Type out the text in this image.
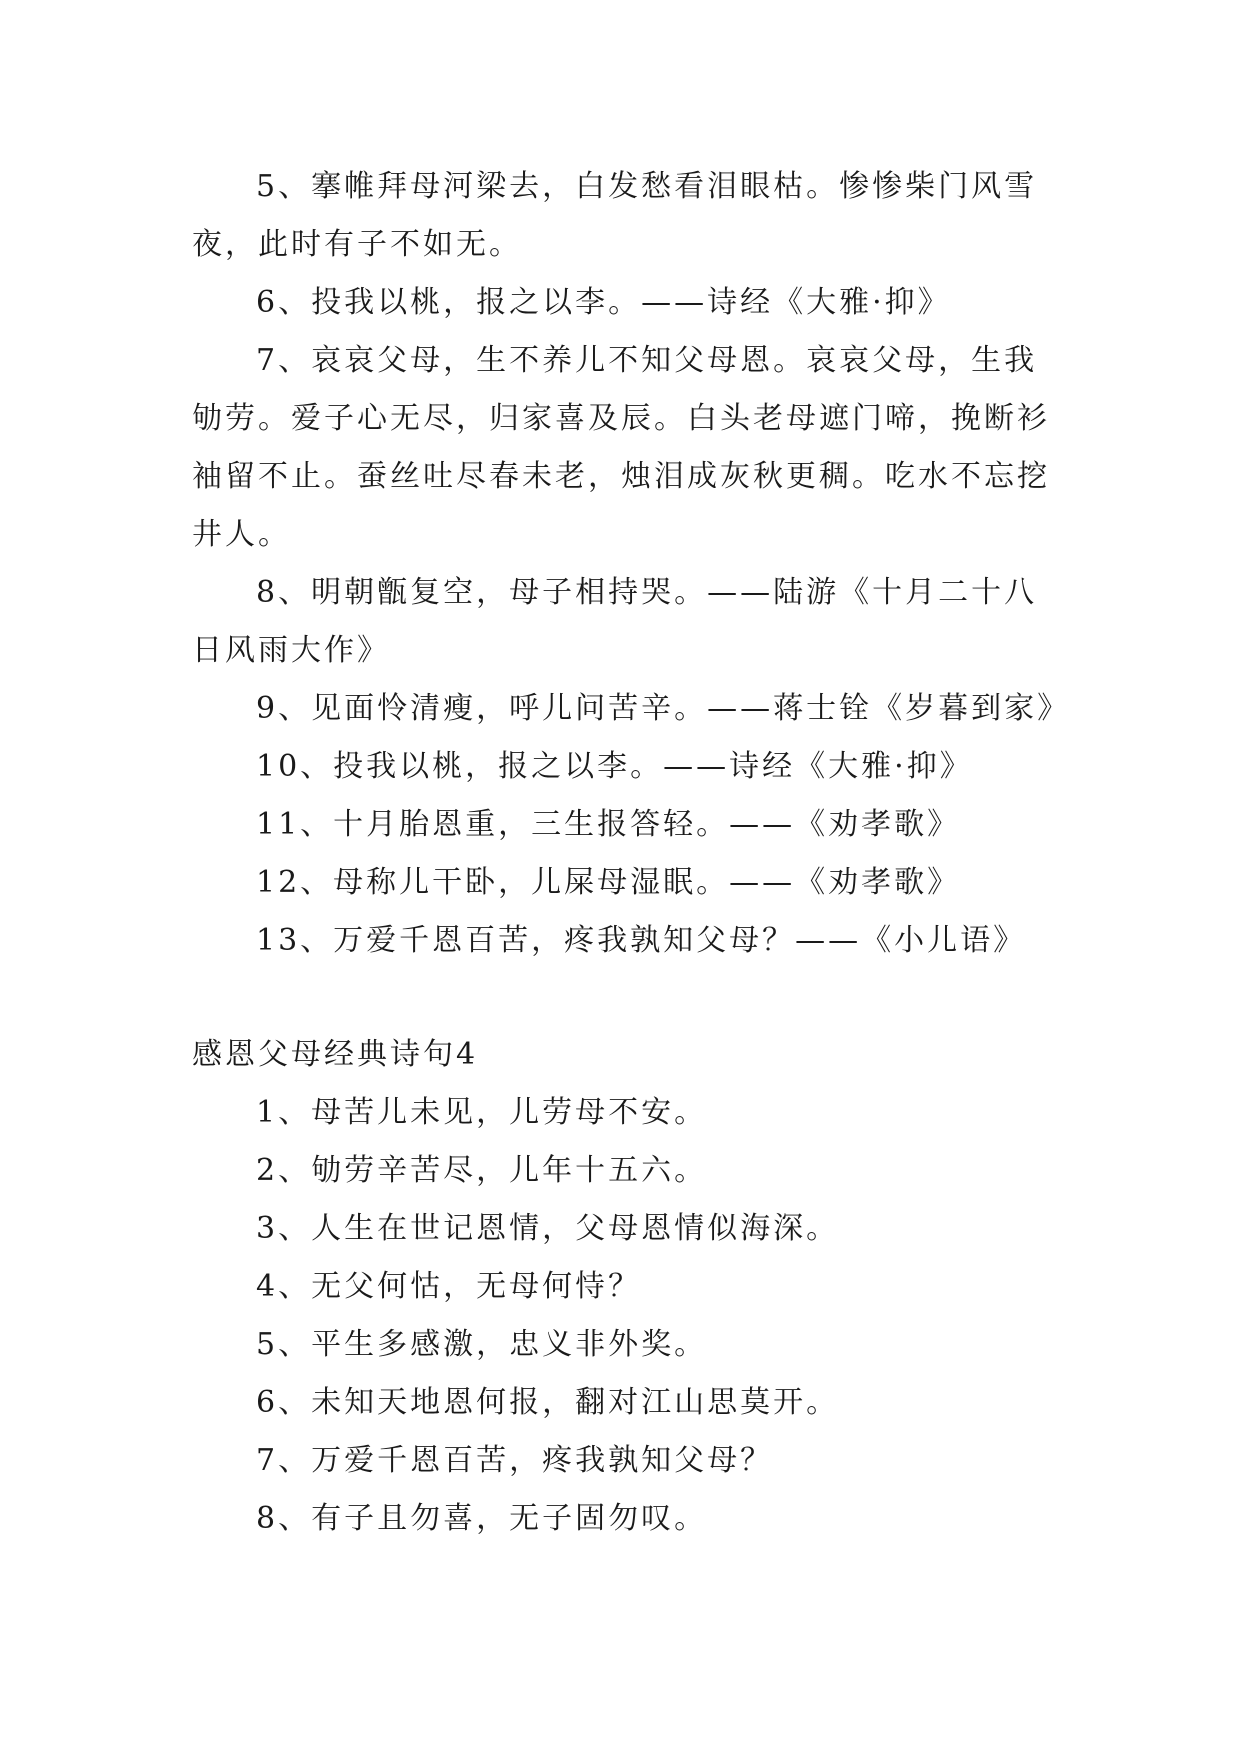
5、搴帷拜母河梁去，白发愁看泪眼枯。惨惨柴门风雪夜，此时有子不如无。

6、投我以桃，报之以李。——诗经《大雅·抑》

7、哀哀父母，生不养儿不知父母恩。哀哀父母，生我劬劳。爱子心无尽，归家喜及辰。白头老母遮门啼，挽断衫袖留不止。蚕丝吐尽春未老，烛泪成灰秋更稠。吃水不忘挖井人。

8、明朝甑复空，母子相持哭。——陆游《十月二十八日风雨大作》

9、见面怜清瘦，呼儿问苦辛。——蒋士铨《岁暮到家》

10、投我以桃，报之以李。——诗经《大雅·抑》

11、十月胎恩重，三生报答轻。——《劝孝歌》

12、母称儿干卧，儿屎母湿眠。——《劝孝歌》

13、万爱千恩百苦，疼我孰知父母？——《小儿语》

感恩父母经典诗句4

1、母苦儿未见，儿劳母不安。

2、劬劳辛苦尽，儿年十五六。

3、人生在世记恩情，父母恩情似海深。

4、无父何怙，无母何恃？

5、平生多感激，忠义非外奖。

6、未知天地恩何报，翻对江山思莫开。

7、万爱千恩百苦，疼我孰知父母？

8、有子且勿喜，无子固勿叹。
